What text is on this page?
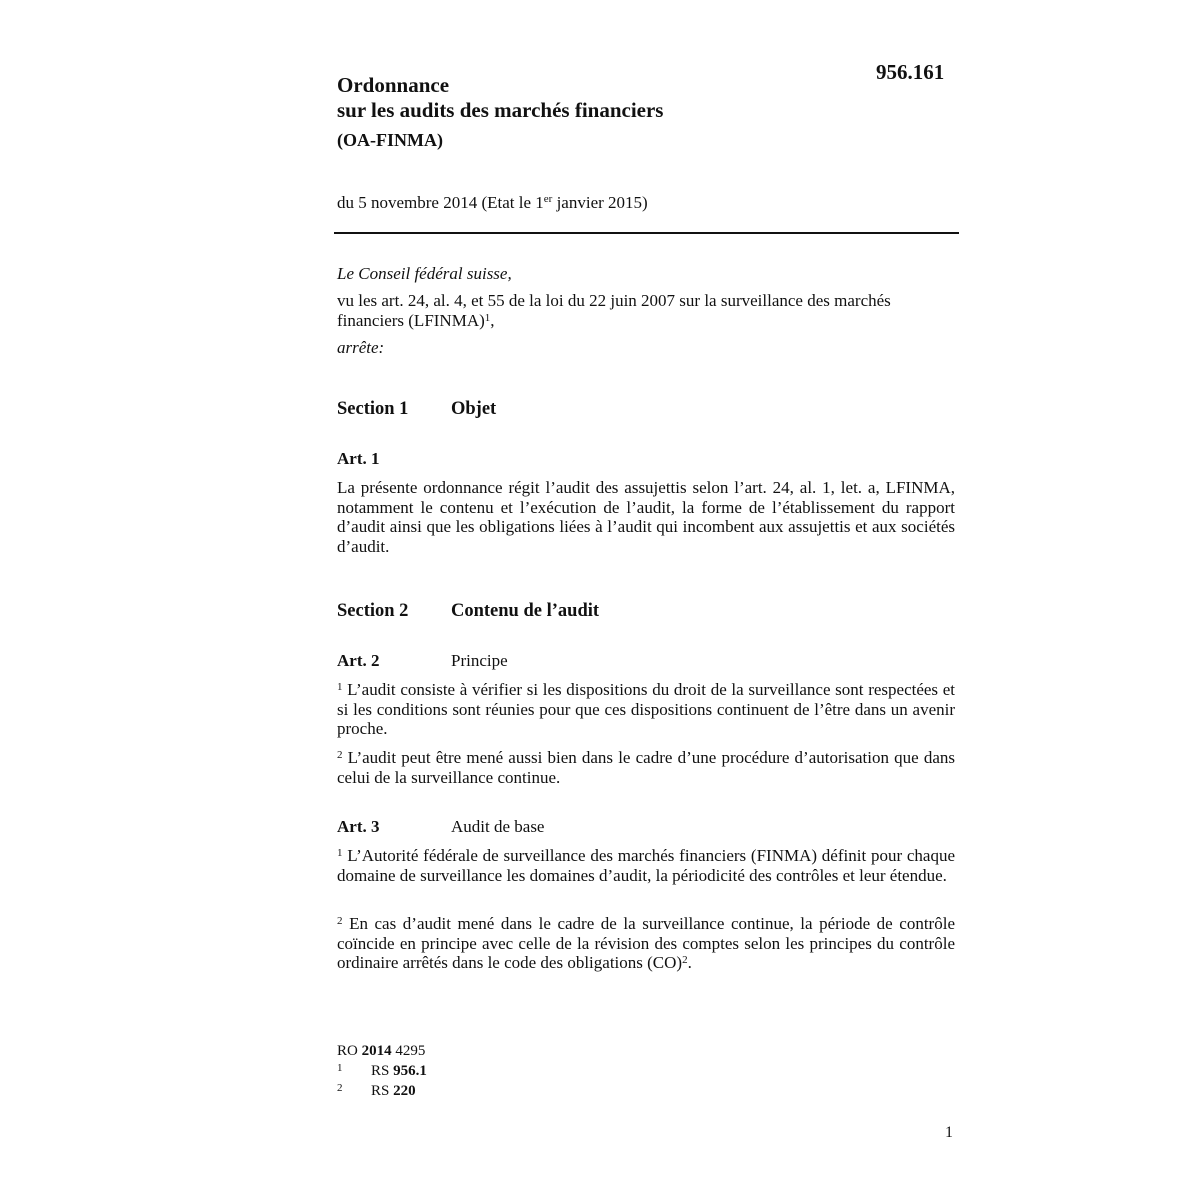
956.161
Ordonnance
sur les audits des marchés financiers
(OA-FINMA)
du 5 novembre 2014 (Etat le 1er janvier 2015)
Le Conseil fédéral suisse,
vu les art. 24, al. 4, et 55 de la loi du 22 juin 2007 sur la surveillance des marchés financiers (LFINMA)$^1$,
arrête:
Section 1 Objet
Art. 1
La présente ordonnance régit l’audit des assujettis selon l’art. 24, al. 1, let. a, LFINMA, notamment le contenu et l’exécution de l’audit, la forme de l’établissement du rapport d’audit ainsi que les obligations liées à l’audit qui incombent aux assujettis et aux sociétés d’audit.
Section 2 Contenu de l’audit
Art. 2	Principe
$^1$ L’audit consiste à vérifier si les dispositions du droit de la surveillance sont respectées et si les conditions sont réunies pour que ces dispositions continuent de l’être dans un avenir proche.
$^2$ L’audit peut être mené aussi bien dans le cadre d’une procédure d’autorisation que dans celui de la surveillance continue.
Art. 3	Audit de base
$^1$ L’Autorité fédérale de surveillance des marchés financiers (FINMA) définit pour chaque domaine de surveillance les domaines d’audit, la périodicité des contrôles et leur étendue.
$^2$ En cas d’audit mené dans le cadre de la surveillance continue, la période de contrôle coïncide en principe avec celle de la révision des comptes selon les principes du contrôle ordinaire arrêtés dans le code des obligations (CO)$^2$.
RO 2014 4295
1 RS 956.1
2 RS 220
1
